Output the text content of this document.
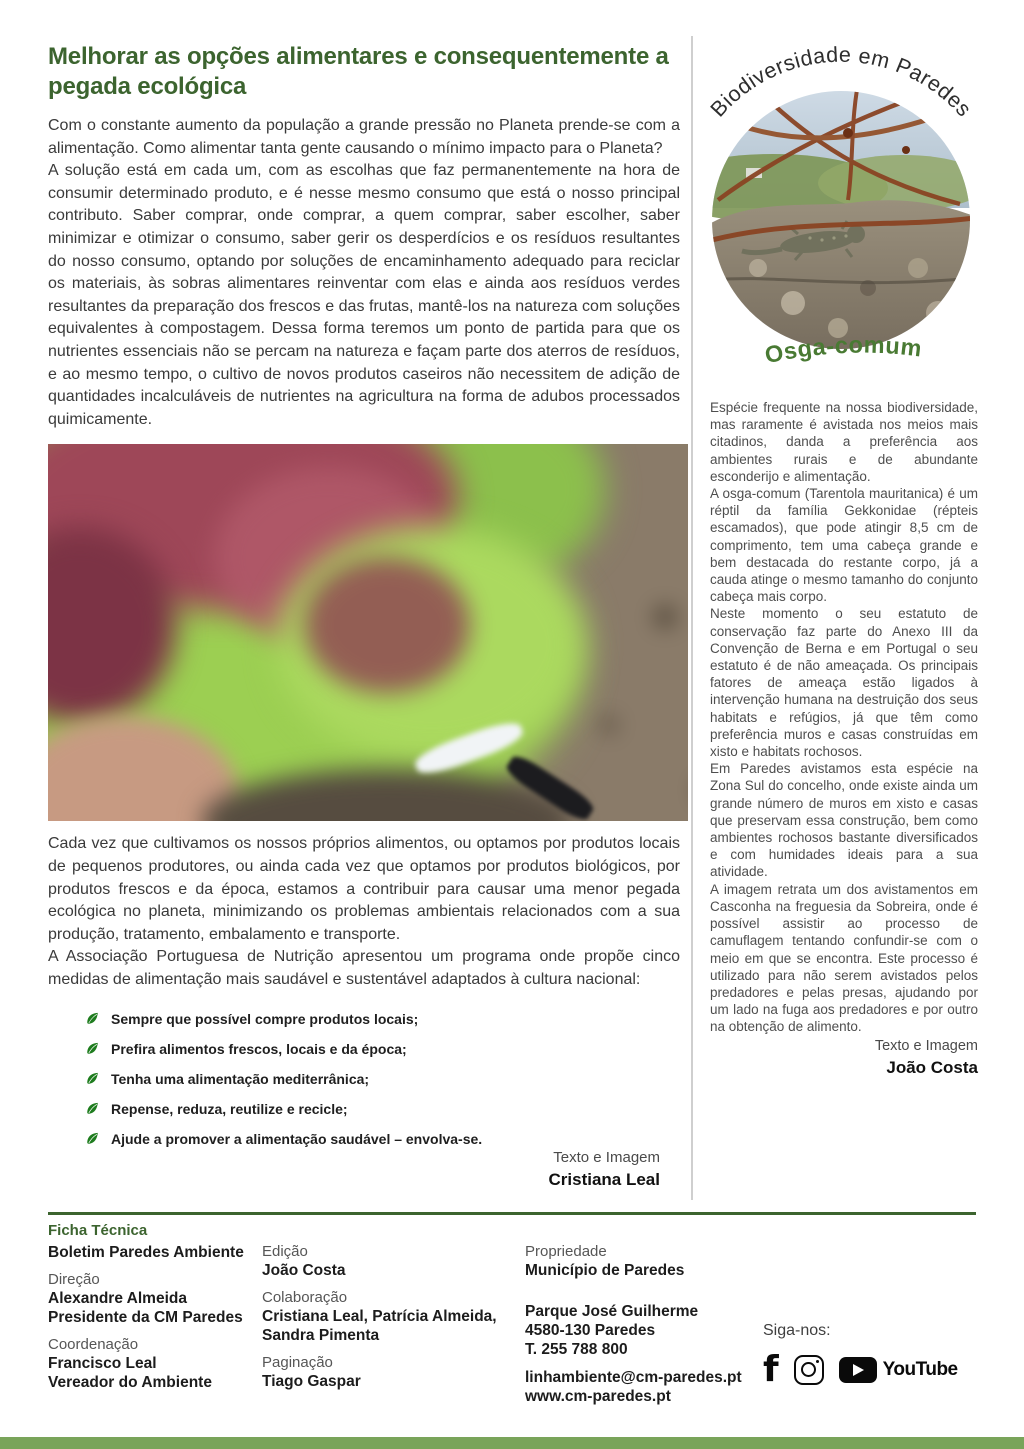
Melhorar as opções alimentares e consequentemente a pegada ecológica

Com o constante aumento da população a grande pressão no Planeta prende-se com a alimentação. Como alimentar tanta gente causando o mínimo impacto para o Planeta?

A solução está em cada um, com as escolhas que faz permanentemente na hora de consumir determinado produto, e é nesse mesmo consumo que está o nosso principal contributo. Saber comprar, onde comprar, a quem comprar, saber escolher, saber minimizar e otimizar o consumo, saber gerir os desperdícios e os resíduos resultantes do nosso consumo, optando por soluções de encaminhamento adequado para reciclar os materiais, às sobras alimentares reinventar com elas e ainda aos resíduos verdes resultantes da preparação dos frescos e das frutas, mantê-los na natureza com soluções equivalentes à compostagem. Dessa forma teremos um ponto de partida para que os nutrientes essenciais não se percam na natureza e façam parte dos aterros de resíduos, e ao mesmo tempo, o cultivo de novos produtos caseiros não necessitem de adição de quantidades incalculáveis de nutrientes na agricultura na forma de adubos processados quimicamente.

Cada vez que cultivamos os nossos próprios alimentos, ou optamos por produtos locais de pequenos produtores, ou ainda cada vez que optamos por produtos biológicos, por produtos frescos e da época, estamos a contribuir para causar uma menor pegada ecológica no planeta, minimizando os problemas ambientais relacionados com a sua produção, tratamento, embalamento e transporte.

A Associação Portuguesa de Nutrição apresentou um programa onde propõe cinco medidas de alimentação mais saudável e sustentável adaptados à cultura nacional:

Sempre que possível compre produtos locais;
Prefira alimentos frescos, locais e da época;
Tenha uma alimentação mediterrânica;
Repense, reduza, reutilize e recicle;
Ajude a promover a alimentação saudável – envolva-se.
Texto e Imagem
Cristiana Leal
Biodiversidade em Paredes
Osga-comum

Espécie frequente na nossa biodiversidade, mas raramente é avistada nos meios mais citadinos, danda a preferência aos ambientes rurais e de abundante esconderijo e alimentação.

A osga-comum (Tarentola mauritanica) é um réptil da família Gekkonidae (répteis escamados), que pode atingir 8,5 cm de comprimento, tem uma cabeça grande e bem destacada do restante corpo, já a cauda atinge o mesmo tamanho do conjunto cabeça mais corpo.

Neste momento o seu estatuto de conservação faz parte do Anexo III da Convenção de Berna e em Portugal o seu estatuto é de não ameaçada. Os principais fatores de ameaça estão ligados à intervenção humana na destruição dos seus habitats e refúgios, já que têm como preferência muros e casas construídas em xisto e habitats rochosos.

Em Paredes avistamos esta espécie na Zona Sul do concelho, onde existe ainda um grande número de muros em xisto e casas que preservam essa construção, bem como ambientes rochosos bastante diversificados e com humidades ideais para a sua atividade.

A imagem retrata um dos avistamentos em Casconha na freguesia da Sobreira, onde é possível assistir ao processo de camuflagem tentando confundir-se com o meio em que se encontra. Este processo é utilizado para não serem avistados pelos predadores e pelas presas, ajudando por um lado na fuga aos predadores e por outro na obtenção de alimento.

Texto e Imagem
João Costa
Ficha Técnica
Boletim Paredes Ambiente
Direção
Alexandre Almeida
Presidente da CM Paredes
Coordenação
Francisco Leal
Vereador do Ambiente
Edição
João Costa
Colaboração
Cristiana Leal, Patrícia Almeida,
Sandra Pimenta
Paginação
Tiago Gaspar
Propriedade
Município de Paredes
Parque José Guilherme
4580-130 Paredes
T. 255 788 800
linhambiente@cm-paredes.pt
www.cm-paredes.pt
Siga-nos:
f	YouTube
